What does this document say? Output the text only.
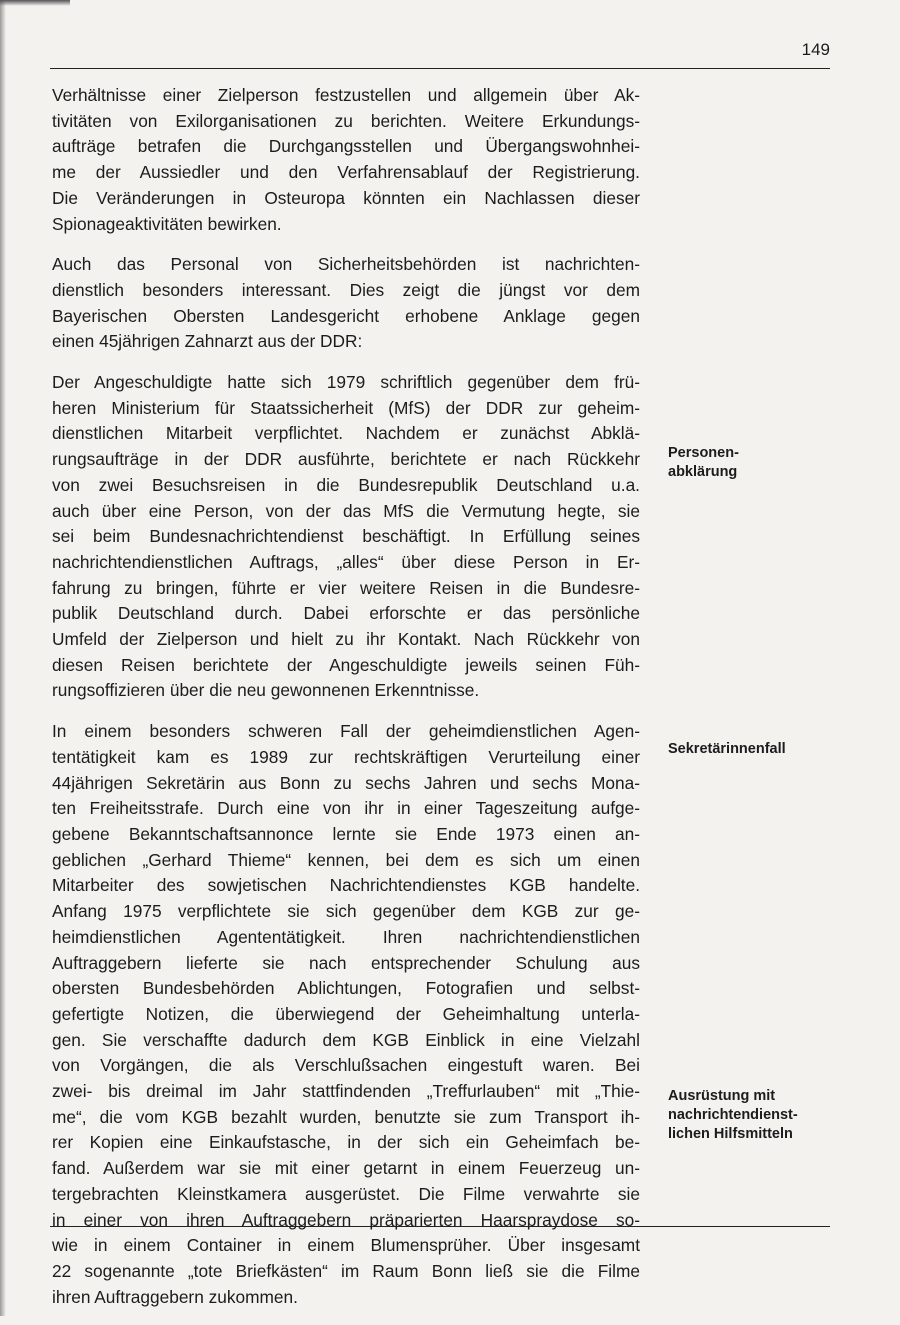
149
Verhältnisse einer Zielperson festzustellen und allgemein über Ak-
tivitäten von Exilorganisationen zu berichten. Weitere Erkundungs-
aufträge betrafen die Durchgangsstellen und Übergangswohnhei-
me der Aussiedler und den Verfahrensablauf der Registrierung.
Die Veränderungen in Osteuropa könnten ein Nachlassen dieser
Spionageaktivitäten bewirken.
Auch das Personal von Sicherheitsbehörden ist nachrichten-
dienstlich besonders interessant. Dies zeigt die jüngst vor dem
Bayerischen Obersten Landesgericht erhobene Anklage gegen
einen 45jährigen Zahnarzt aus der DDR:
Der Angeschuldigte hatte sich 1979 schriftlich gegenüber dem frü-
heren Ministerium für Staatssicherheit (MfS) der DDR zur geheim-
dienstlichen Mitarbeit verpflichtet. Nachdem er zunächst Abklä-
rungsaufträge in der DDR ausführte, berichtete er nach Rückkehr
von zwei Besuchsreisen in die Bundesrepublik Deutschland u.a.
auch über eine Person, von der das MfS die Vermutung hegte, sie
sei beim Bundesnachrichtendienst beschäftigt. In Erfüllung seines
nachrichtendienstlichen Auftrags, „alles“ über diese Person in Er-
fahrung zu bringen, führte er vier weitere Reisen in die Bundesre-
publik Deutschland durch. Dabei erforschte er das persönliche
Umfeld der Zielperson und hielt zu ihr Kontakt. Nach Rückkehr von
diesen Reisen berichtete der Angeschuldigte jeweils seinen Füh-
rungsoffizieren über die neu gewonnenen Erkenntnisse.
In einem besonders schweren Fall der geheimdienstlichen Agen-
tentätigkeit kam es 1989 zur rechtskräftigen Verurteilung einer
44jährigen Sekretärin aus Bonn zu sechs Jahren und sechs Mona-
ten Freiheitsstrafe. Durch eine von ihr in einer Tageszeitung aufge-
gebene Bekanntschaftsannonce lernte sie Ende 1973 einen an-
geblichen „Gerhard Thieme“ kennen, bei dem es sich um einen
Mitarbeiter des sowjetischen Nachrichtendienstes KGB handelte.
Anfang 1975 verpflichtete sie sich gegenüber dem KGB zur ge-
heimdienstlichen Agententätigkeit. Ihren nachrichtendienstlichen
Auftraggebern lieferte sie nach entsprechender Schulung aus
obersten Bundesbehörden Ablichtungen, Fotografien und selbst-
gefertigte Notizen, die überwiegend der Geheimhaltung unterla-
gen. Sie verschaffte dadurch dem KGB Einblick in eine Vielzahl
von Vorgängen, die als Verschlußsachen eingestuft waren. Bei
zwei- bis dreimal im Jahr stattfindenden „Treffurlauben“ mit „Thie-
me“, die vom KGB bezahlt wurden, benutzte sie zum Transport ih-
rer Kopien eine Einkaufstasche, in der sich ein Geheimfach be-
fand. Außerdem war sie mit einer getarnt in einem Feuerzeug un-
tergebrachten Kleinstkamera ausgerüstet. Die Filme verwahrte sie
in einer von ihren Auftraggebern präparierten Haarspraydose so-
wie in einem Container in einem Blumensprüher. Über insgesamt
22 sogenannte „tote Briefkästen“ im Raum Bonn ließ sie die Filme
ihren Auftraggebern zukommen.
Personen-
abklärung
Sekretärinnenfall
Ausrüstung mit
nachrichtendienst-
lichen Hilfsmitteln
